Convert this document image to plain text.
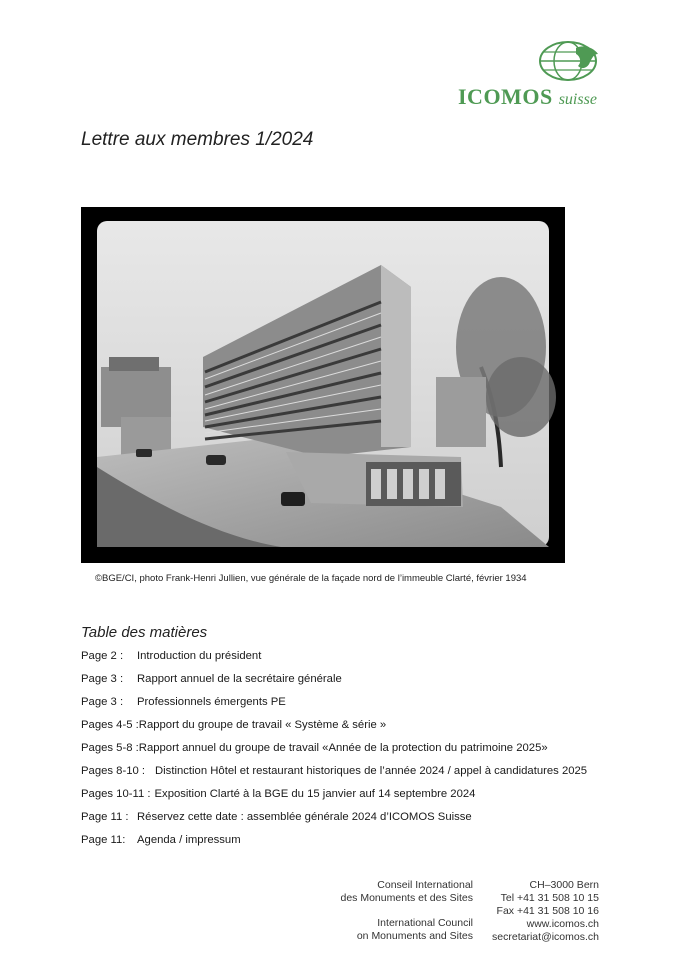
ICOMOS suisse
Lettre aux membres 1/2024
©BGE/CI, photo Frank-Henri Jullien, vue générale de la façade nord de l’immeuble Clarté, février 1934
Table des matières
Page 2 : Introduction du président
Page 3 : Rapport annuel de la secrétaire générale
Page 3 : Professionnels émergents PE
Pages 4-5 :Rapport du groupe de travail « Système & série »
Pages 5-8 :Rapport annuel du groupe de travail «Année de la protection du patrimoine 2025»
Pages 8-10 : Distinction Hôtel et restaurant historiques de l’année 2024 / appel à candidatures 2025
Pages 10-11 : Exposition Clarté à la BGE du 15 janvier auf 14 septembre 2024
Page 11 : Réservez cette date : assemblée générale 2024 d’ICOMOS Suisse
Page 11: Agenda / impressum
Conseil International
des Monuments et des Sites
International Council
on Monuments and Sites
CH–3000 Bern
Tel +41 31 508 10 15
Fax +41 31 508 10 16
www.icomos.ch
secretariat@icomos.ch
